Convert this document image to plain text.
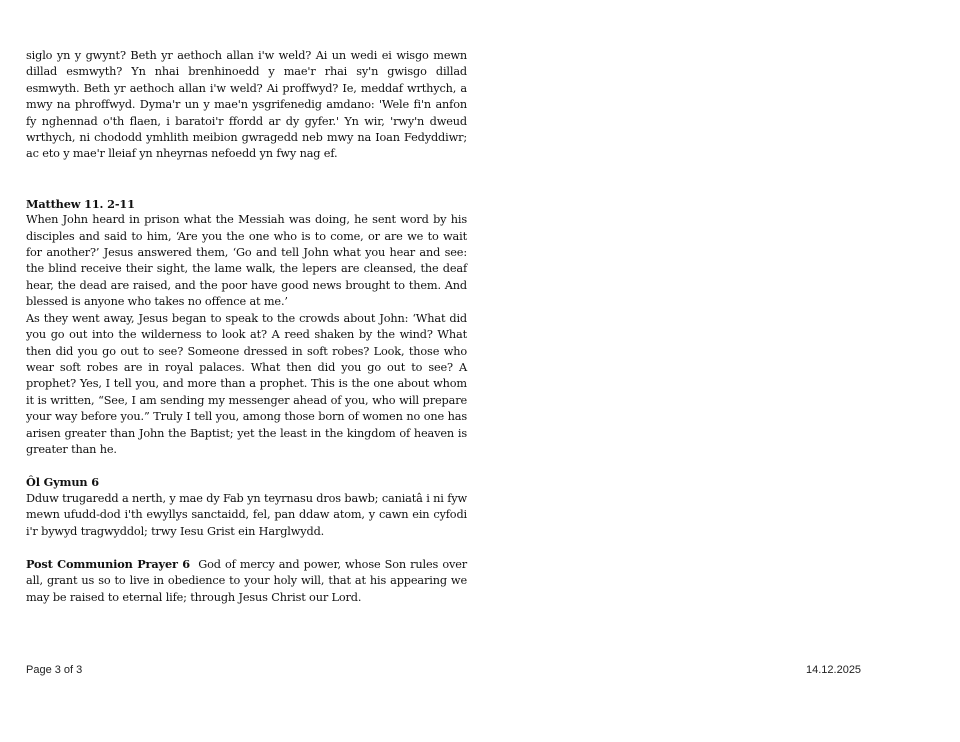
siglo yn y gwynt? Beth yr aethoch allan i'w weld? Ai un wedi ei wisgo mewn dillad esmwyth? Yn nhai brenhinoedd y mae'r rhai sy'n gwisgo dillad esmwyth. Beth yr aethoch allan i'w weld? Ai proffwyd? Ie, meddaf wrthych, a mwy na phroffwyd. Dyma'r un y mae'n ysgrifenedig amdano: 'Wele fi'n anfon fy nghennad o'th flaen, i baratoi'r ffordd ar dy gyfer.' Yn wir, 'rwy'n dweud wrthych, ni chododd ymhlith meibion gwragedd neb mwy na Ioan Fedyddiwr; ac eto y mae'r lleiaf yn nheyrnas nefoedd yn fwy nag ef.

Matthew 11. 2-11

When John heard in prison what the Messiah was doing, he sent word by his disciples and said to him, ‘Are you the one who is to come, or are we to wait for another?’ Jesus answered them, ‘Go and tell John what you hear and see: the blind receive their sight, the lame walk, the lepers are cleansed, the deaf hear, the dead are raised, and the poor have good news brought to them. And blessed is anyone who takes no offence at me.’

As they went away, Jesus began to speak to the crowds about John: ‘What did you go out into the wilderness to look at? A reed shaken by the wind? What then did you go out to see? Someone dressed in soft robes? Look, those who wear soft robes are in royal palaces. What then did you go out to see? A prophet? Yes, I tell you, and more than a prophet. This is the one about whom it is written, “See, I am sending my messenger ahead of you, who will prepare your way before you.” Truly I tell you, among those born of women no one has arisen greater than John the Baptist; yet the least in the kingdom of heaven is greater than he.

Ôl Gymun 6

Dduw trugaredd a nerth, y mae dy Fab yn teyrnasu dros bawb; caniatâ i ni fyw mewn ufudd-dod i'th ewyllys sanctaidd, fel, pan ddaw atom, y cawn ein cyfodi i'r bywyd tragwyddol; trwy Iesu Grist ein Harglwydd.

Post Communion Prayer 6 God of mercy and power, whose Son rules over all, grant us so to live in obedience to your holy will, that at his appearing we may be raised to eternal life; through Jesus Christ our Lord.

Page 3 of 3	14.12.2025
